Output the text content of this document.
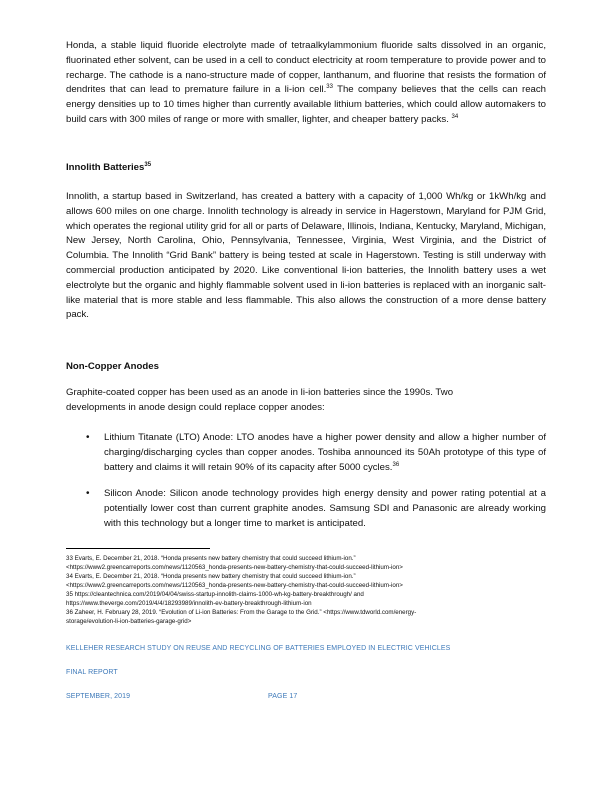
Honda, a stable liquid fluoride electrolyte made of tetraalkylammonium fluoride salts dissolved in an organic, fluorinated ether solvent, can be used in a cell to conduct electricity at room temperature to provide power and to recharge. The cathode is a nano-structure made of copper, lanthanum, and fluorine that resists the formation of dendrites that can lead to premature failure in a li-ion cell.$^{33}$ The company believes that the cells can reach energy densities up to 10 times higher than currently available lithium batteries, which could allow automakers to build cars with 300 miles of range or more with smaller, lighter, and cheaper battery packs. $^{34}$

Innolith Batteries$^{35}$

Innolith, a startup based in Switzerland, has created a battery with a capacity of 1,000 Wh/kg or 1kWh/kg and allows 600 miles on one charge. Innolith technology is already in service in Hagerstown, Maryland for PJM Grid, which operates the regional utility grid for all or parts of Delaware, Illinois, Indiana, Kentucky, Maryland, Michigan, New Jersey, North Carolina, Ohio, Pennsylvania, Tennessee, Virginia, West Virginia, and the District of Columbia. The Innolith “Grid Bank” battery is being tested at scale in Hagerstown. Testing is still underway with commercial production anticipated by 2020. Like conventional li-ion batteries, the Innolith battery uses a wet electrolyte but the organic and highly flammable solvent used in li-ion batteries is replaced with an inorganic salt-like material that is more stable and less flammable. This also allows the construction of a more dense battery pack.

Non-Copper Anodes

Graphite-coated copper has been used as an anode in li-ion batteries since the 1990s. Two developments in anode design could replace copper anodes:

• Lithium Titanate (LTO) Anode: LTO anodes have a higher power density and allow a higher number of charging/discharging cycles than copper anodes. Toshiba announced its 50Ah prototype of this type of battery and claims it will retain 90% of its capacity after 5000 cycles.$^{36}$

• Silicon Anode: Silicon anode technology provides high energy density and power rating potential at a potentially lower cost than current graphite anodes. Samsung SDI and Panasonic are already working with this technology but a longer time to market is anticipated.

33 Evarts, E. December 21, 2018. “Honda presents new battery chemistry that could succeed lithium-ion.”

<https://www2.greencarreports.com/news/1120563_honda-presents-new-battery-chemistry-that-could-succeed-lithium-ion>

34 Evarts, E. December 21, 2018. “Honda presents new battery chemistry that could succeed lithium-ion.”

<https://www2.greencarreports.com/news/1120563_honda-presents-new-battery-chemistry-that-could-succeed-lithium-ion>

35 https://cleantechnica.com/2019/04/04/swiss-startup-innolith-claims-1000-wh-kg-battery-breakthrough/ and

https://www.theverge.com/2019/4/4/18293989/innolith-ev-battery-breakthrough-lithium-ion

36 Zaheer, H. February 28, 2019. “Evolution of Li-ion Batteries: From the Garage to the Grid.” <https://www.tdworld.com/energy-

storage/evolution-li-ion-batteries-garage-grid>

KELLEHER RESEARCH STUDY ON REUSE AND RECYCLING OF BATTERIES EMPLOYED IN ELECTRIC VEHICLES

FINAL REPORT

SEPTEMBER, 2019	PAGE 17
